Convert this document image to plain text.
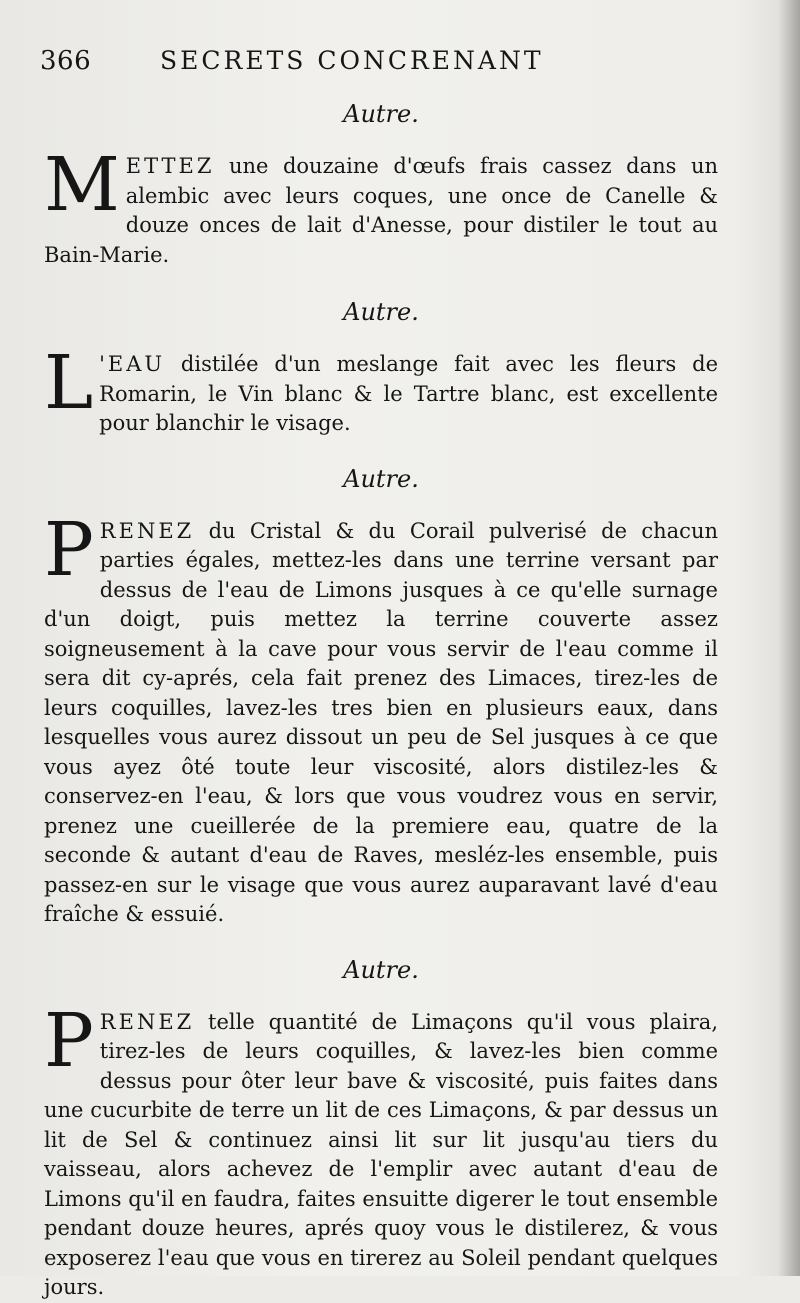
366	SECRETS CONCRENANT
Autre.

METTEZ une douzaine d'œufs frais cassez dans un alembic avec leurs coques, une once de Canelle & douze onces de lait d'Anesse, pour distiler le tout au Bain-Marie.

Autre.

L 'EAU distilée d'un meslange fait avec les fleurs de Romarin, le Vin blanc & le Tartre blanc, est excellente pour blanchir le visage.

Autre.

PRENEZ du Cristal & du Corail pulverisé de chacun parties égales, mettez-les dans une terrine versant par dessus de l'eau de Limons jusques à ce qu'elle surnage d'un doigt, puis mettez la terrine couverte assez soigneusement à la cave pour vous servir de l'eau comme il sera dit cy-aprés, cela fait prenez des Limaces, tirez-les de leurs coquilles, lavez-les tres bien en plusieurs eaux, dans lesquelles vous aurez dissout un peu de Sel jusques à ce que vous ayez ôté toute leur viscosité, alors distilez-les & conservez-en l'eau, & lors que vous voudrez vous en servir, prenez une cueillerée de la premiere eau, quatre de la seconde & autant d'eau de Raves, mesléz-les ensemble, puis passez-en sur le visage que vous aurez auparavant lavé d'eau fraîche & essuié.

Autre.

PRENEZ telle quantité de Limaçons qu'il vous plaira, tirez-les de leurs coquilles, & lavez-les bien comme dessus pour ôter leur bave & viscosité, puis faites dans une cucurbite de terre un lit de ces Limaçons, & par dessus un lit de Sel & continuez ainsi lit sur lit jusqu'au tiers du vaisseau, alors achevez de l'emplir avec autant d'eau de Limons qu'il en faudra, faites ensuitte digerer le tout ensemble pendant douze heures, aprés quoy vous le distilerez, & vous exposerez l'eau que vous en tirerez au Soleil pendant quelques jours.
